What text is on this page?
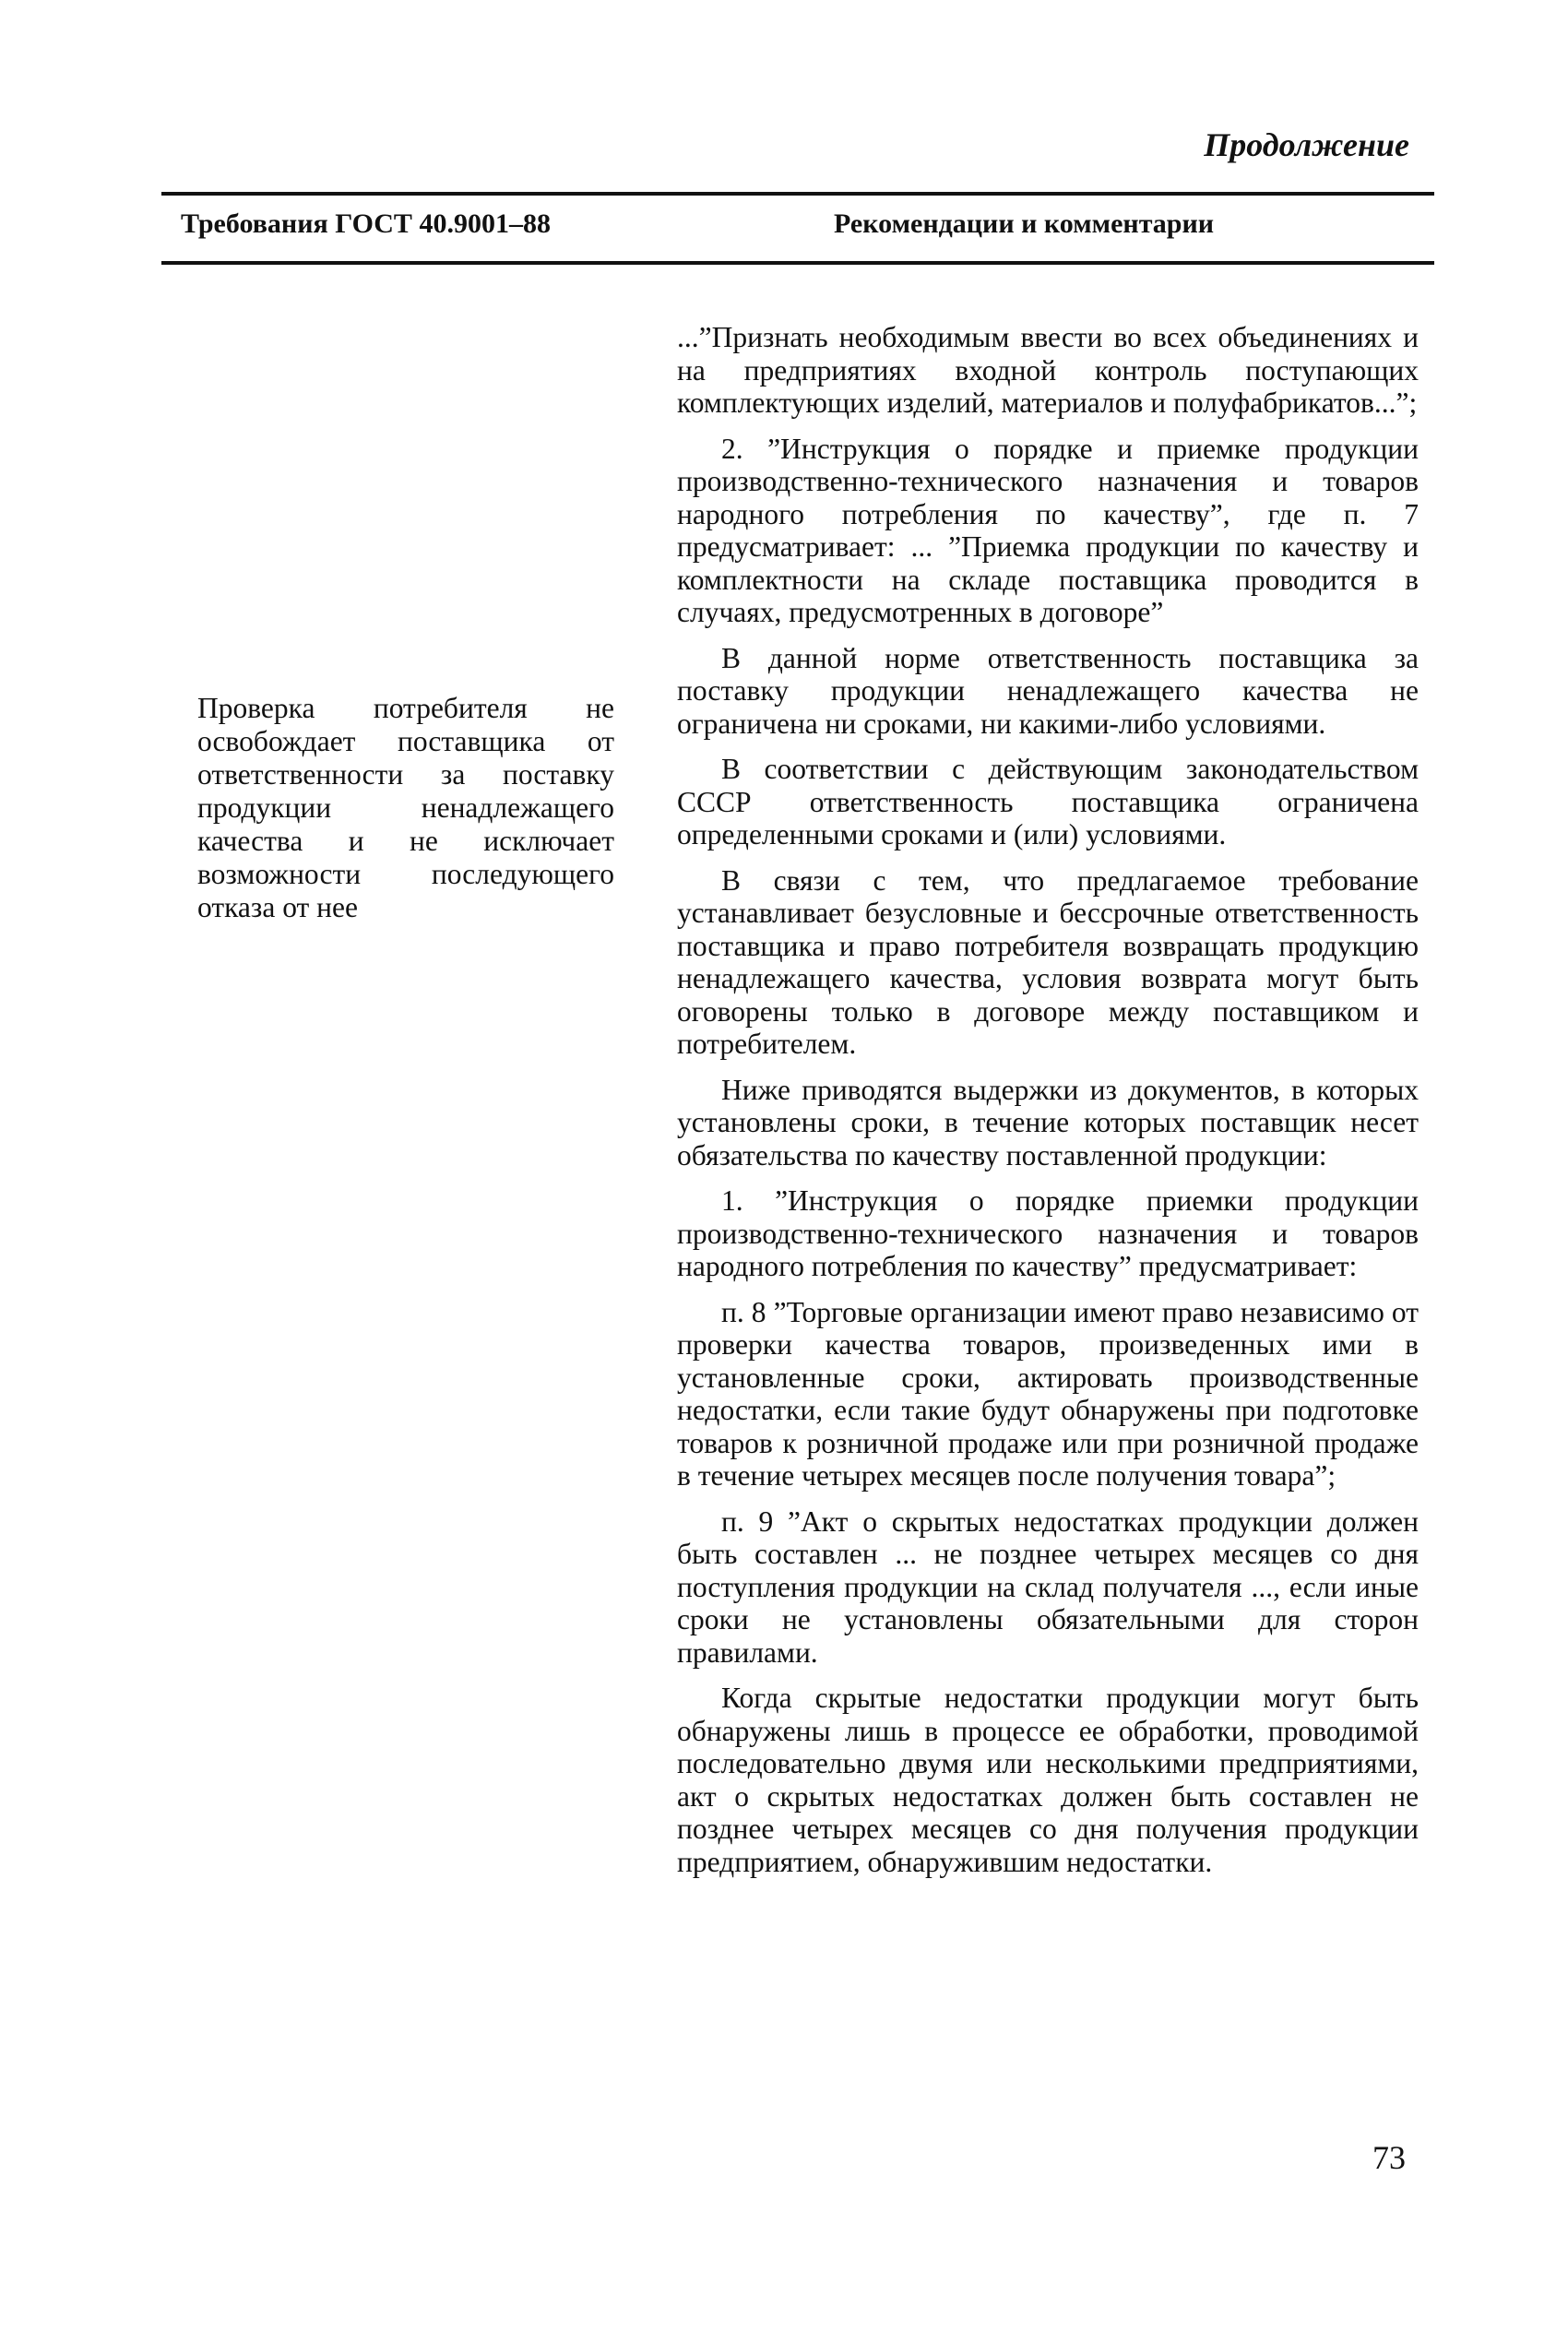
Продолжение
Требования ГОСТ 40.9001–88	Рекомендации и комментарии
Проверка потребителя не освобождает поставщика от ответственности за поставку продукции ненадлежащего качества и не исключает возможности последующего отказа от нее

...”Признать необходимым ввести во всех объединениях и на предприятиях входной контроль поступающих комплектующих изделий, материалов и полуфабрикатов...”;

2. ”Инструкция о порядке и приемке продукции производственно-технического назначения и товаров народного потребления по качеству”, где п. 7 предусматривает: ... ”Приемка продукции по качеству и комплектности на складе поставщика проводится в случаях, предусмотренных в договоре”

В данной норме ответственность поставщика за поставку продукции ненадлежащего качества не ограничена ни сроками, ни какими-либо условиями.

В соответствии с действующим законодательством СССР ответственность поставщика ограничена определенными сроками и (или) условиями.

В связи с тем, что предлагаемое требование устанавливает безусловные и бессрочные ответственность поставщика и право потребителя возвращать продукцию ненадлежащего качества, условия возврата могут быть оговорены только в договоре между поставщиком и потребителем.

Ниже приводятся выдержки из документов, в которых установлены сроки, в течение которых поставщик несет обязательства по качеству поставленной продукции:

1. ”Инструкция о порядке приемки продукции производственно-технического назначения и товаров народного потребления по качеству” предусматривает:

п. 8 ”Торговые организации имеют право независимо от проверки качества товаров, произведенных ими в установленные сроки, актировать производственные недостатки, если такие будут обнаружены при подготовке товаров к розничной продаже или при розничной продаже в течение четырех месяцев после получения товара”;

п. 9 ”Акт о скрытых недостатках продукции должен быть составлен ... не позднее четырех месяцев со дня поступления продукции на склад получателя ..., если иные сроки не установлены обязательными для сторон правилами.

Когда скрытые недостатки продукции могут быть обнаружены лишь в процессе ее обработки, проводимой последовательно двумя или несколькими предприятиями, акт о скрытых недостатках должен быть составлен не позднее четырех месяцев со дня получения продукции предприятием, обнаружившим недостатки.

73
